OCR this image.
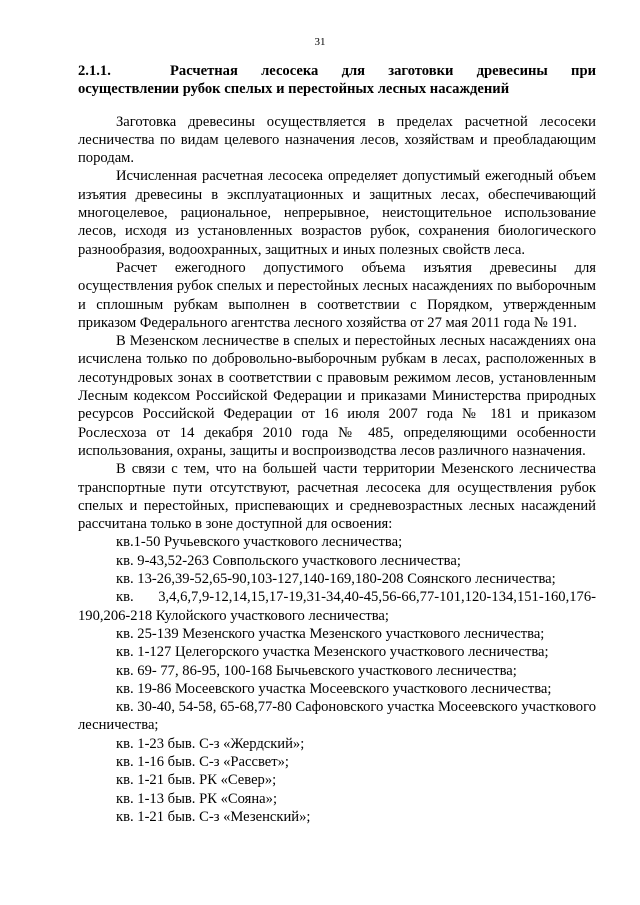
31
2.1.1.	Расчетная лесосека для заготовки древесины при осуществлении рубок спелых и перестойных лесных насаждений

Заготовка древесины осуществляется в пределах расчетной лесосеки лесничества по видам целевого назначения лесов, хозяйствам и преобладающим породам.

Исчисленная расчетная лесосека определяет допустимый ежегодный объем изъятия древесины в эксплуатационных и защитных лесах, обеспечивающий многоцелевое, рациональное, непрерывное, неистощительное использование лесов, исходя из установленных возрастов рубок, сохранения биологического разнообразия, водоохранных, защитных и иных полезных свойств леса.

Расчет ежегодного допустимого объема изъятия древесины для осуществления рубок спелых и перестойных лесных насаждениях по выборочным и сплошным рубкам выполнен в соответствии с Порядком, утвержденным приказом Федерального агентства лесного хозяйства от 27 мая 2011 года № 191.

В Мезенском лесничестве в спелых и перестойных лесных насаждениях она исчислена только по добровольно-выборочным рубкам в лесах, расположенных в лесотундровых зонах в соответствии с правовым режимом лесов, установленным Лесным кодексом Российской Федерации и приказами Министерства природных ресурсов Российской Федерации от 16 июля 2007 года № 181 и приказом Рослесхоза от 14 декабря 2010 года № 485, определяющими особенности использования, охраны, защиты и воспроизводства лесов различного назначения.

В связи с тем, что на большей части территории Мезенского лесничества транспортные пути отсутствуют, расчетная лесосека для осуществления рубок спелых и перестойных, приспевающих и средневозрастных лесных насаждений рассчитана только в зоне доступной для освоения:

кв.1-50 Ручьевского участкового лесничества;

кв. 9-43,52-263 Совпольского участкового лесничества;

кв. 13-26,39-52,65-90,103-127,140-169,180-208 Соянского лесничества;

кв. 3,4,6,7,9-12,14,15,17-19,31-34,40-45,56-66,77-101,120-134,151-160,176-190,206-218 Кулойского участкового лесничества;

кв. 25-139 Мезенского участка Мезенского участкового лесничества;

кв. 1-127 Целегорского участка Мезенского участкового лесничества;

кв. 69- 77, 86-95, 100-168 Бычьевского участкового лесничества;

кв. 19-86 Мосеевского участка Мосеевского участкового лесничества;

кв. 30-40, 54-58, 65-68,77-80 Сафоновского участка Мосеевского участкового лесничества;

кв. 1-23 быв. С-з «Жердский»;

кв. 1-16 быв. С-з «Рассвет»;

кв. 1-21 быв. РК «Север»;

кв. 1-13 быв. РК «Сояна»;

кв. 1-21 быв. С-з «Мезенский»;
